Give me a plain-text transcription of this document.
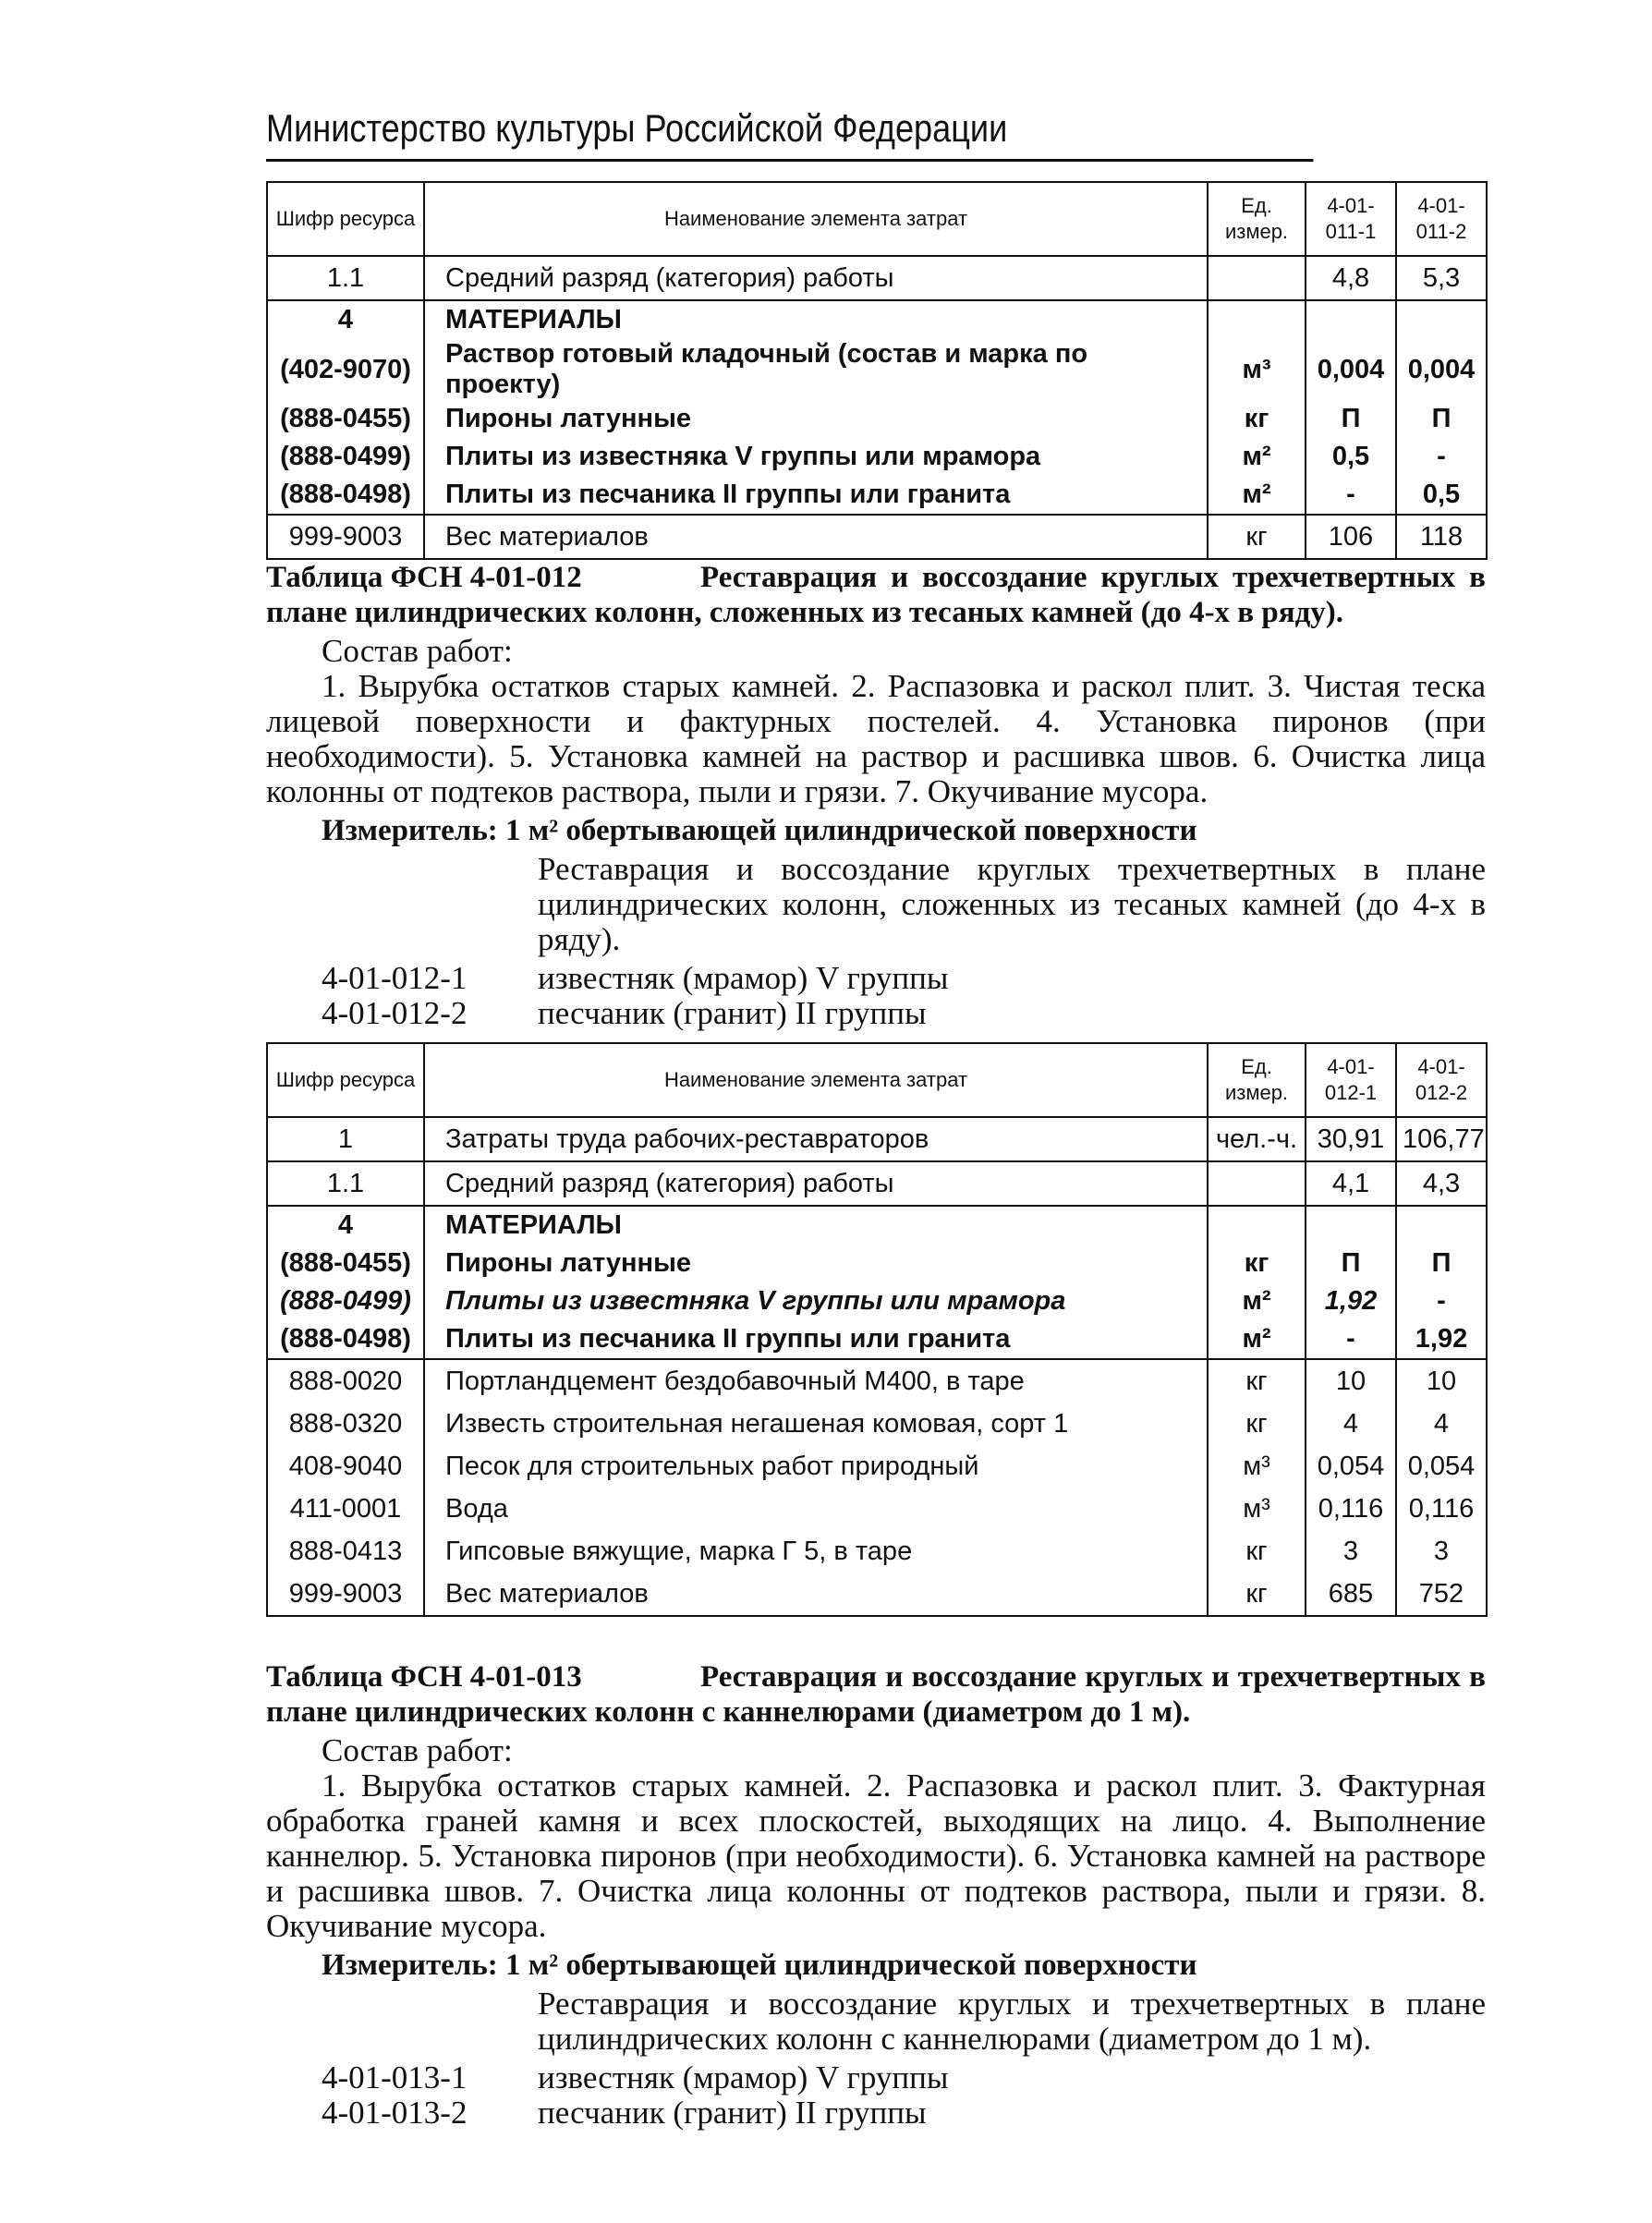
Министерство культуры Российской Федерации
Шифр ресурса	Наименование элемента затрат	Ед. измер.	4-01-011-1	4-01-011-2
1.1	Средний разряд (категория) работы		4,8	5,3
4	МАТЕРИАЛЫ			
(402-9070)	Раствор готовый кладочный (состав и марка по проекту)	м³	0,004	0,004
(888-0455)	Пироны латунные	кг	П	П
(888-0499)	Плиты из известняка V группы или мрамора	м²	0,5	-
(888-0498)	Плиты из песчаника II группы или гранита	м²	-	0,5
999-9003	Вес материалов	кг	106	118
Таблица ФСН 4-01-012	Реставрация и воссоздание круглых трехчетвертных в плане цилиндрических колонн, сложенных из тесаных камней (до 4-х в ряду).
Состав работ:
1. Вырубка остатков старых камней. 2. Распазовка и раскол плит. 3. Чистая теска лицевой поверхности и фактурных постелей. 4. Установка пиронов (при необходимости). 5. Установка камней на раствор и расшивка швов. 6. Очистка лица колонны от подтеков раствора, пыли и грязи. 7. Окучивание мусора.
Измеритель: 1 м² обертывающей цилиндрической поверхности
Реставрация и воссоздание круглых трехчетвертных в плане цилиндрических колонн, сложенных из тесаных камней (до 4-х в ряду).
4-01-012-1 известняк (мрамор) V группы
4-01-012-2 песчаник (гранит) II группы
Шифр ресурса	Наименование элемента затрат	Ед. измер.	4-01-012-1	4-01-012-2
1	Затраты труда рабочих-реставраторов	чел.-ч.	30,91	106,77
1.1	Средний разряд (категория) работы		4,1	4,3
4	МАТЕРИАЛЫ			
(888-0455)	Пироны латунные	кг	П	П
(888-0499)	Плиты из известняка V группы или мрамора	м²	1,92	-
(888-0498)	Плиты из песчаника II группы или гранита	м²	-	1,92
888-0020	Портландцемент бездобавочный М400, в таре	кг	10	10
888-0320	Известь строительная негашеная комовая, сорт 1	кг	4	4
408-9040	Песок для строительных работ природный	м³	0,054	0,054
411-0001	Вода	м³	0,116	0,116
888-0413	Гипсовые вяжущие, марка Г 5, в таре	кг	3	3
999-9003	Вес материалов	кг	685	752
Таблица ФСН 4-01-013	Реставрация и воссоздание круглых и трехчетвертных в плане цилиндрических колонн с каннелюрами (диаметром до 1 м).
Состав работ:
1. Вырубка остатков старых камней. 2. Распазовка и раскол плит. 3. Фактурная обработка граней камня и всех плоскостей, выходящих на лицо. 4. Выполнение каннелюр. 5. Установка пиронов (при необходимости). 6. Установка камней на растворе и расшивка швов. 7. Очистка лица колонны от подтеков раствора, пыли и грязи. 8. Окучивание мусора.
Измеритель: 1 м² обертывающей цилиндрической поверхности
Реставрация и воссоздание круглых и трехчетвертных в плане цилиндрических колонн с каннелюрами (диаметром до 1 м).
4-01-013-1 известняк (мрамор) V группы
4-01-013-2 песчаник (гранит) II группы
